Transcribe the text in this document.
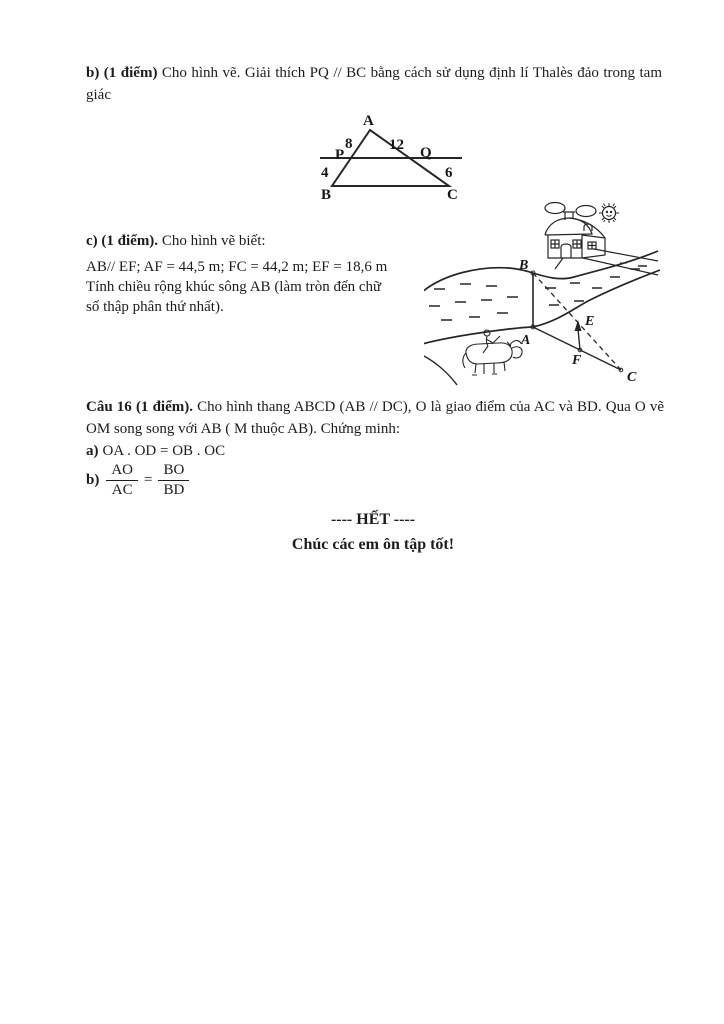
b) (1 điểm) Cho hình vẽ. Giải thích PQ // BC bằng cách sử dụng định lí Thalès đảo trong tam giác
A
8 12
P	Q
4	6
B	C
c) (1 điểm). Cho hình vẽ biết:
AB// EF; AF = 44,5 m; FC = 44,2 m; EF = 18,6 m
Tính chiều rộng khúc sông AB (làm tròn đến chữ
số thập phân thứ nhất).
B
A
E
F
C
Câu 16 (1 điểm). Cho hình thang ABCD (AB // DC), O là giao điểm của AC và BD. Qua O vẽ OM song song với AB ( M thuộc AB). Chứng minh:
a) OA . OD = OB . OC
$b) \frac{AO}{AC} = \frac{BO}{BD}$
---- HẾT ----
Chúc các em ôn tập tốt!
